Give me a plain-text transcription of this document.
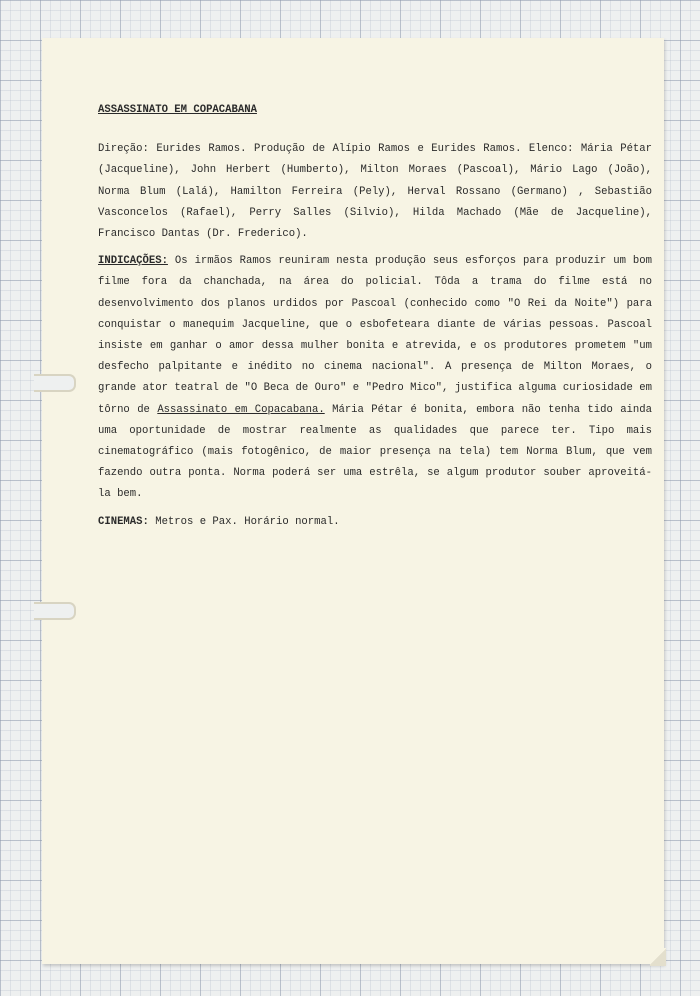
ASSASSINATO EM COPACABANA

Direção: Eurides Ramos. Produção de Alípio Ramos e Eurides Ramos. Elenco: Mária Pétar (Jacqueline), John Herbert (Humberto), Milton Moraes (Pascoal), Mário Lago (João), Norma Blum (Lalá), Hamilton Ferreira (Pely), Herval Rossano (Germano) , Sebastião Vasconcelos (Rafael), Perry Salles (Silvio), Hilda Machado (Mãe de Jacqueline), Francisco Dantas (Dr. Frederico).

INDICAÇÕES: Os irmãos Ramos reuniram nesta produção seus esforços para produzir um bom filme fora da chanchada, na área do policial. Tôda a trama do filme está no desenvolvimento dos planos urdidos por Pascoal (conhecido como "O Rei da Noite") para conquistar o manequim Jacqueline, que o esbofeteara diante de várias pessoas. Pascoal insiste em ganhar o amor dessa mulher bonita e atrevida, e os produtores prometem "um desfecho palpitante e inédito no cinema nacional". A presença de Milton Moraes, o grande ator teatral de "O Beca de Ouro" e "Pedro Mico", justifica alguma curiosidade em tôrno de Assassinato em Copacabana. Mária Pétar é bonita, embora não tenha tido ainda uma oportunidade de mostrar realmente as qualidades que parece ter. Tipo mais cinematográfico (mais fotogênico, de maior presença na tela) tem Norma Blum, que vem fazendo outra ponta. Norma poderá ser uma estrêla, se algum produtor souber aproveitá-la bem.

CINEMAS: Metros e Pax. Horário normal.
